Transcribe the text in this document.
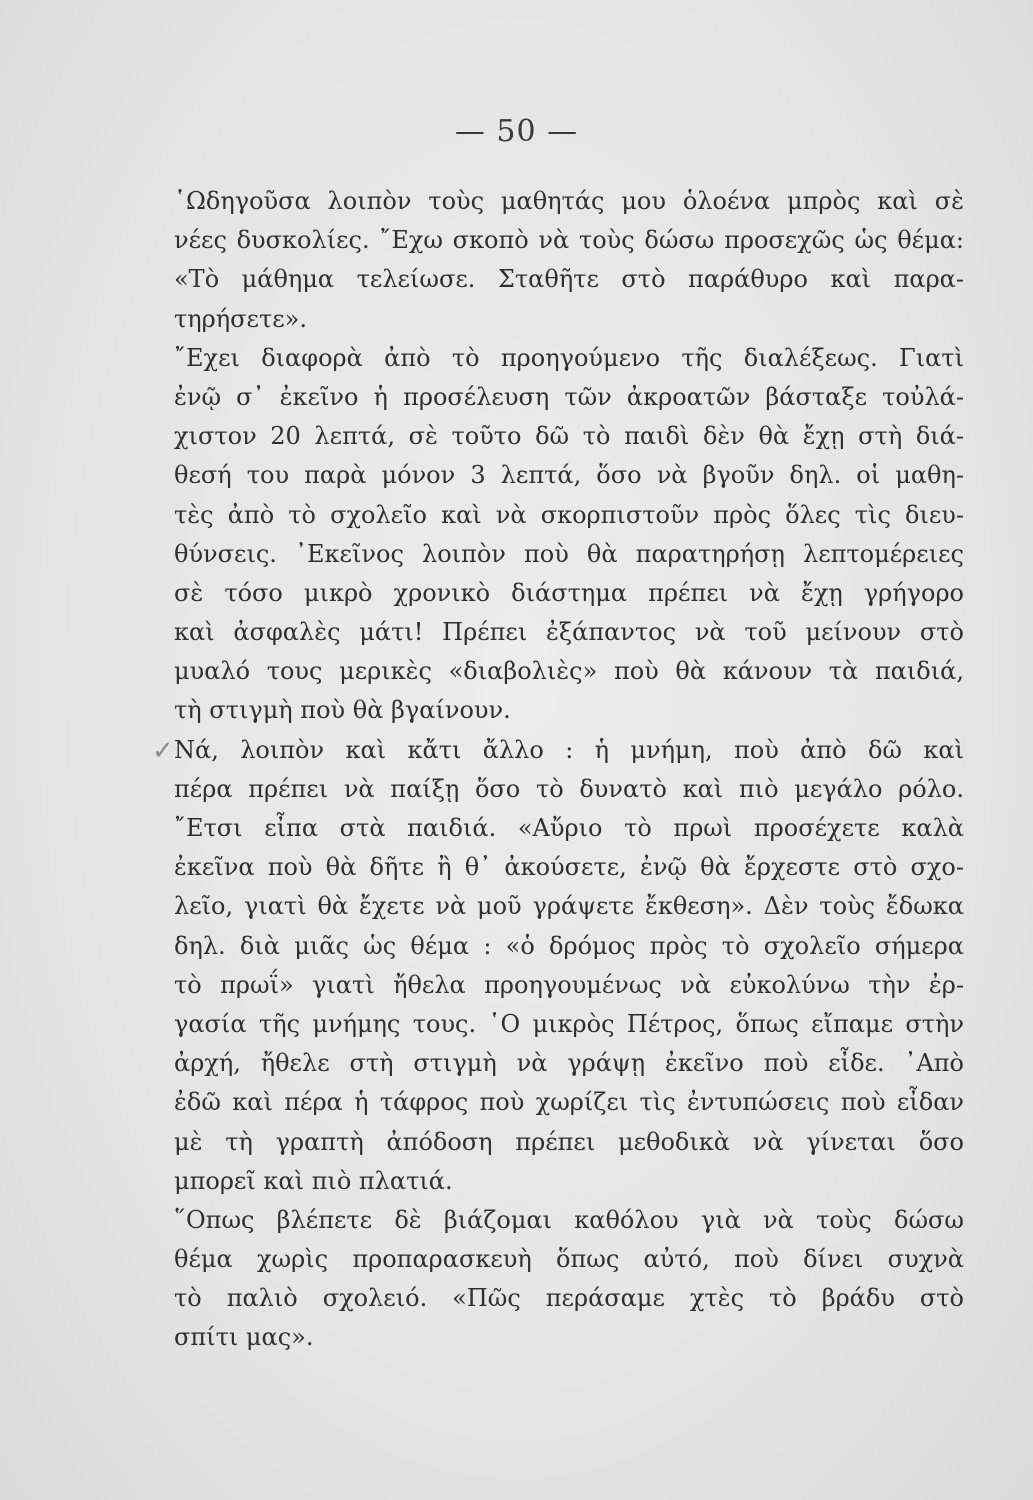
— 50 —
✓
῾Ωδηγοῦσα λοιπὸν τοὺς μαθητάς μου ὁλοένα μπρὸς καὶ σὲ
νέες δυσκολίες. ῎Εχω σκοπὸ νὰ τοὺς δώσω προσεχῶς ὡς θέμα:
«Τὸ μάθημα τελείωσε. Σταθῆτε στὸ παράθυρο καὶ παρα-
τηρήσετε».
῎Εχει διαφορὰ ἀπὸ τὸ προηγούμενο τῆς διαλέξεως. Γιατὶ
ἐνῷ σ᾽ ἐκεῖνο ἡ προσέλευση τῶν ἀκροατῶν βάσταξε τοὐλά-
χιστον 20 λεπτά, σὲ τοῦτο δῶ τὸ παιδὶ δὲν θὰ ἔχῃ στὴ διά-
θεσή του παρὰ μόνον 3 λεπτά, ὅσο νὰ βγοῦν δηλ. οἱ μαθη-
τὲς ἀπὸ τὸ σχολεῖο καὶ νὰ σκορπιστοῦν πρὸς ὅλες τὶς διευ-
θύνσεις. ᾽Εκεῖνος λοιπὸν ποὺ θὰ παρατηρήσῃ λεπτομέρειες
σὲ τόσο μικρὸ χρονικὸ διάστημα πρέπει νὰ ἔχῃ γρήγορο
καὶ ἀσφαλὲς μάτι! Πρέπει ἐξάπαντος νὰ τοῦ μείνουν στὸ
μυαλό τους μερικὲς «διαβολιὲς» ποὺ θὰ κάνουν τὰ παιδιά,
τὴ στιγμὴ ποὺ θὰ βγαίνουν.
Νά, λοιπὸν καὶ κἄτι ἄλλο : ἡ μνήμη, ποὺ ἀπὸ δῶ καὶ
πέρα πρέπει νὰ παίξῃ ὅσο τὸ δυνατὸ καὶ πιὸ μεγάλο ρόλο.
῎Ετσι εἶπα στὰ παιδιά. «Αὔριο τὸ πρωὶ προσέχετε καλὰ
ἐκεῖνα ποὺ θὰ δῆτε ἢ θ᾽ ἀκούσετε, ἐνῷ θὰ ἔρχεστε στὸ σχο-
λεῖο, γιατὶ θὰ ἔχετε νὰ μοῦ γράψετε ἔκθεση». Δὲν τοὺς ἔδωκα
δηλ. διὰ μιᾶς ὡς θέμα : «ὁ δρόμος πρὸς τὸ σχολεῖο σήμερα
τὸ πρωΐ» γιατὶ ἤθελα προηγουμένως νὰ εὐκολύνω τὴν ἐρ-
γασία τῆς μνήμης τους. ῾Ο μικρὸς Πέτρος, ὅπως εἴπαμε στὴν
ἀρχή, ἤθελε στὴ στιγμὴ νὰ γράψῃ ἐκεῖνο ποὺ εἶδε. ᾽Απὸ
ἐδῶ καὶ πέρα ἡ τάφρος ποὺ χωρίζει τὶς ἐντυπώσεις ποὺ εἶδαν
μὲ τὴ γραπτὴ ἀπόδοση πρέπει μεθοδικὰ νὰ γίνεται ὅσο
μπορεῖ καὶ πιὸ πλατιά.
῞Οπως βλέπετε δὲ βιάζομαι καθόλου γιὰ νὰ τοὺς δώσω
θέμα χωρὶς προπαρασκευὴ ὅπως αὐτό, ποὺ δίνει συχνὰ
τὸ παλιὸ σχολειό. «Πῶς περάσαμε χτὲς τὸ βράδυ στὸ
σπίτι μας».
